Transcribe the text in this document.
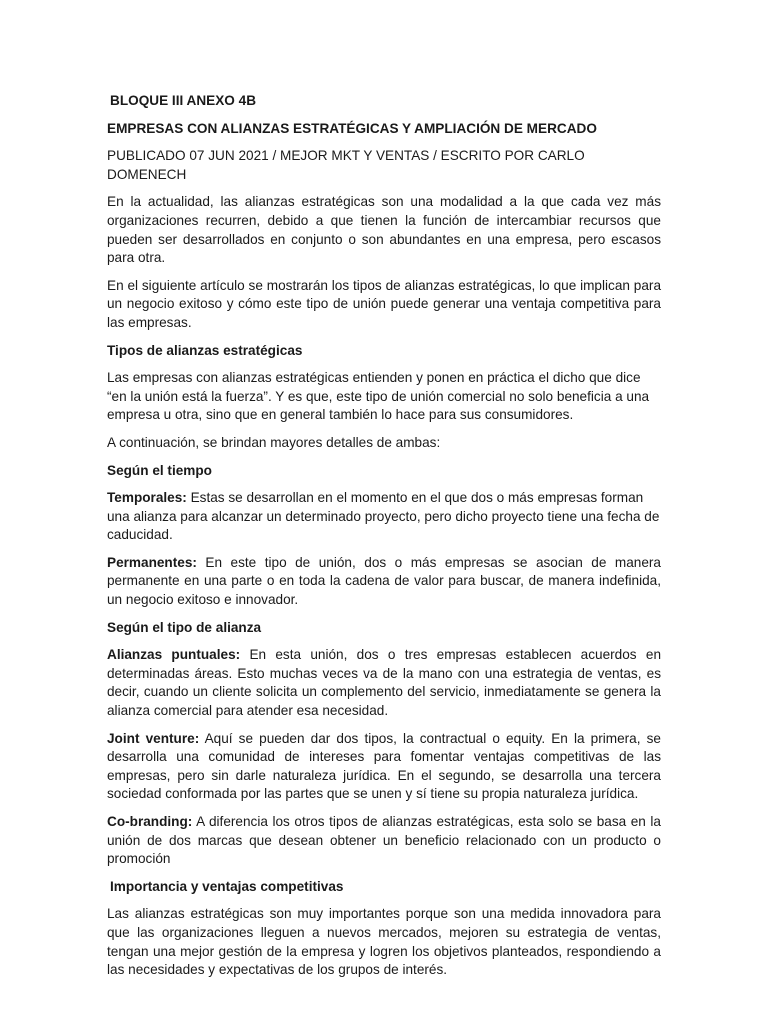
BLOQUE III ANEXO 4B
EMPRESAS CON ALIANZAS ESTRATÉGICAS Y AMPLIACIÓN DE MERCADO
PUBLICADO 07 JUN 2021 / MEJOR MKT Y VENTAS / ESCRITO POR CARLO DOMENECH
En la actualidad, las alianzas estratégicas son una modalidad a la que cada vez más organizaciones recurren, debido a que tienen la función de intercambiar recursos que pueden ser desarrollados en conjunto o son abundantes en una empresa, pero escasos para otra.
En el siguiente artículo se mostrarán los tipos de alianzas estratégicas, lo que implican para un negocio exitoso y cómo este tipo de unión puede generar una ventaja competitiva para las empresas.
Tipos de alianzas estratégicas
Las empresas con alianzas estratégicas entienden y ponen en práctica el dicho que dice “en la unión está la fuerza”. Y es que, este tipo de unión comercial no solo beneficia a una empresa u otra, sino que en general también lo hace para sus consumidores.
A continuación, se brindan mayores detalles de ambas:
Según el tiempo
Temporales: Estas se desarrollan en el momento en el que dos o más empresas forman una alianza para alcanzar un determinado proyecto, pero dicho proyecto tiene una fecha de caducidad.
Permanentes: En este tipo de unión, dos o más empresas se asocian de manera permanente en una parte o en toda la cadena de valor para buscar, de manera indefinida, un negocio exitoso e innovador.
Según el tipo de alianza
Alianzas puntuales: En esta unión, dos o tres empresas establecen acuerdos en determinadas áreas. Esto muchas veces va de la mano con una estrategia de ventas, es decir, cuando un cliente solicita un complemento del servicio, inmediatamente se genera la alianza comercial para atender esa necesidad.
Joint venture: Aquí se pueden dar dos tipos, la contractual o equity. En la primera, se desarrolla una comunidad de intereses para fomentar ventajas competitivas de las empresas, pero sin darle naturaleza jurídica. En el segundo, se desarrolla una tercera sociedad conformada por las partes que se unen y sí tiene su propia naturaleza jurídica.
Co-branding: A diferencia los otros tipos de alianzas estratégicas, esta solo se basa en la unión de dos marcas que desean obtener un beneficio relacionado con un producto o promoción
Importancia y ventajas competitivas
Las alianzas estratégicas son muy importantes porque son una medida innovadora para que las organizaciones lleguen a nuevos mercados, mejoren su estrategia de ventas, tengan una mejor gestión de la empresa y logren los objetivos planteados, respondiendo a las necesidades y expectativas de los grupos de interés.
